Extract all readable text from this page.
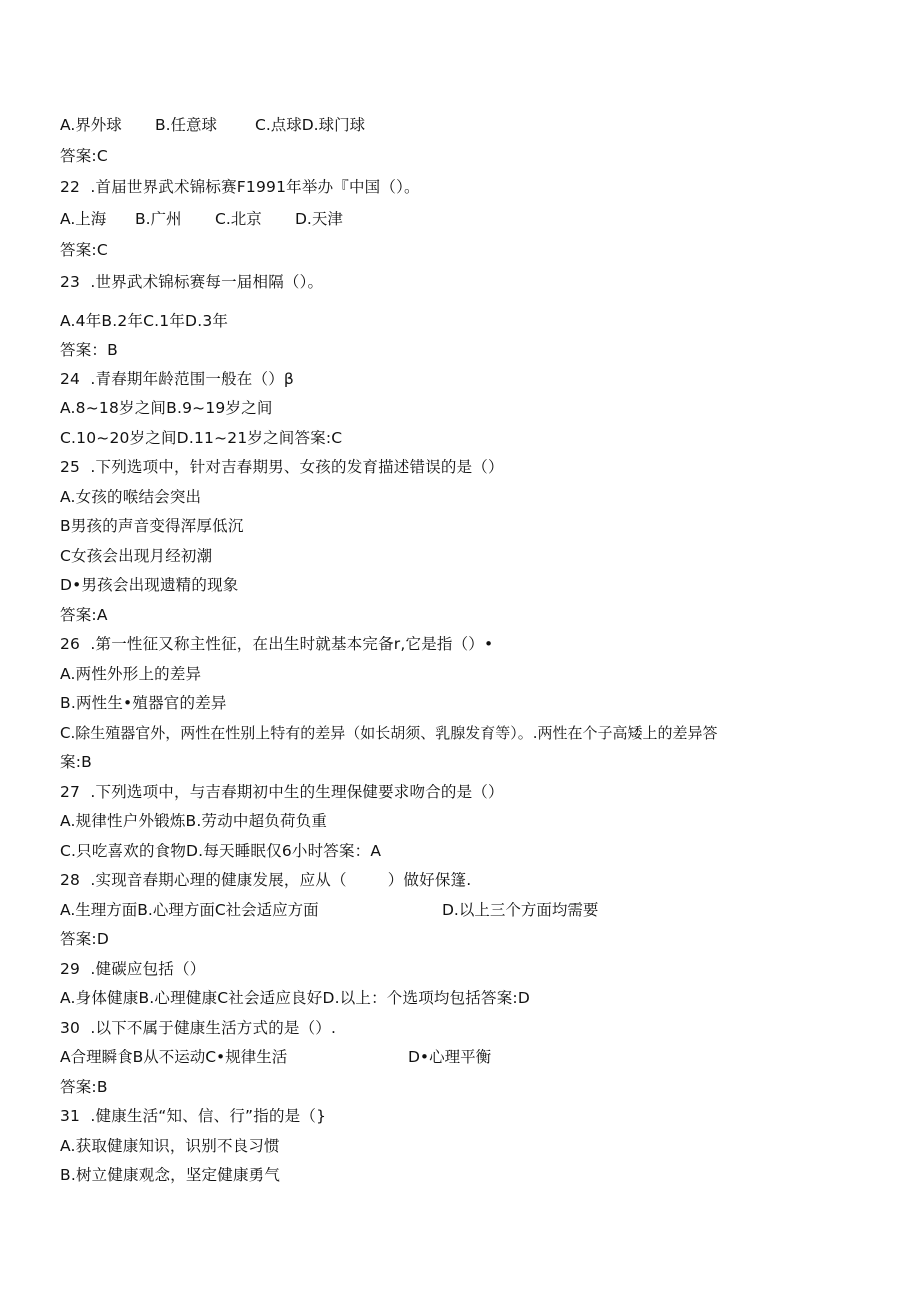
A.界外球 B.任意球 C.点球D.球门球
答案:C
22  .首届世界武术锦标赛F1991年举办『中国（）。
A.上海 B.广州 C.北京 D.天津
答案:C
23  .世界武术锦标赛每一届相隔（）。
A.4年B.2年C.1年D.3年
答案：B
24  .青春期年龄范围一般在（）β
A.8~18岁之间B.9~19岁之间
C.10~20岁之间D.11~21岁之间答案:C
25  .下列选项中，针对吉春期男、女孩的发育描述错误的是（）
A.女孩的喉结会突出
B男孩的声音变得浑厚低沉
C女孩会出现月经初潮
D•男孩会出现遗精的现象
答案:A
26  .第一性征又称主性征，在出生时就基本完备r,它是指（）•
A.两性外形上的差异
B.两性生•殖器官的差异
C.除生殖器官外，两性在性别上特有的差异（如长胡须、乳腺发育等）。.两性在个子高矮上的差异答
案:B
27  .下列选项中，与吉春期初中生的生理保健要求吻合的是（）
A.规律性户外锻炼B.劳动中超负荷负重
C.只吃喜欢的食物D.每天睡眠仅6小时答案：A
28  .实现音春期心理的健康发展，应从（        ）做好保篷.
A.生理方面B.心理方面C社会适应方面	D.以上三个方面均需要
答案:D
29  .健碳应包括（）
A.身体健康B.心理健康C社会适应良好D.以上：个选项均包括答案:D
30  .以下不属于健康生活方式的是（）.
A合理瞬食B从不运动C•规律生活	D•心理平衡
答案:B
31  .健康生活“知、信、行”指的是（}
A.获取健康知识，识别不良习惯
B.树立健康观念，坚定健康勇气
